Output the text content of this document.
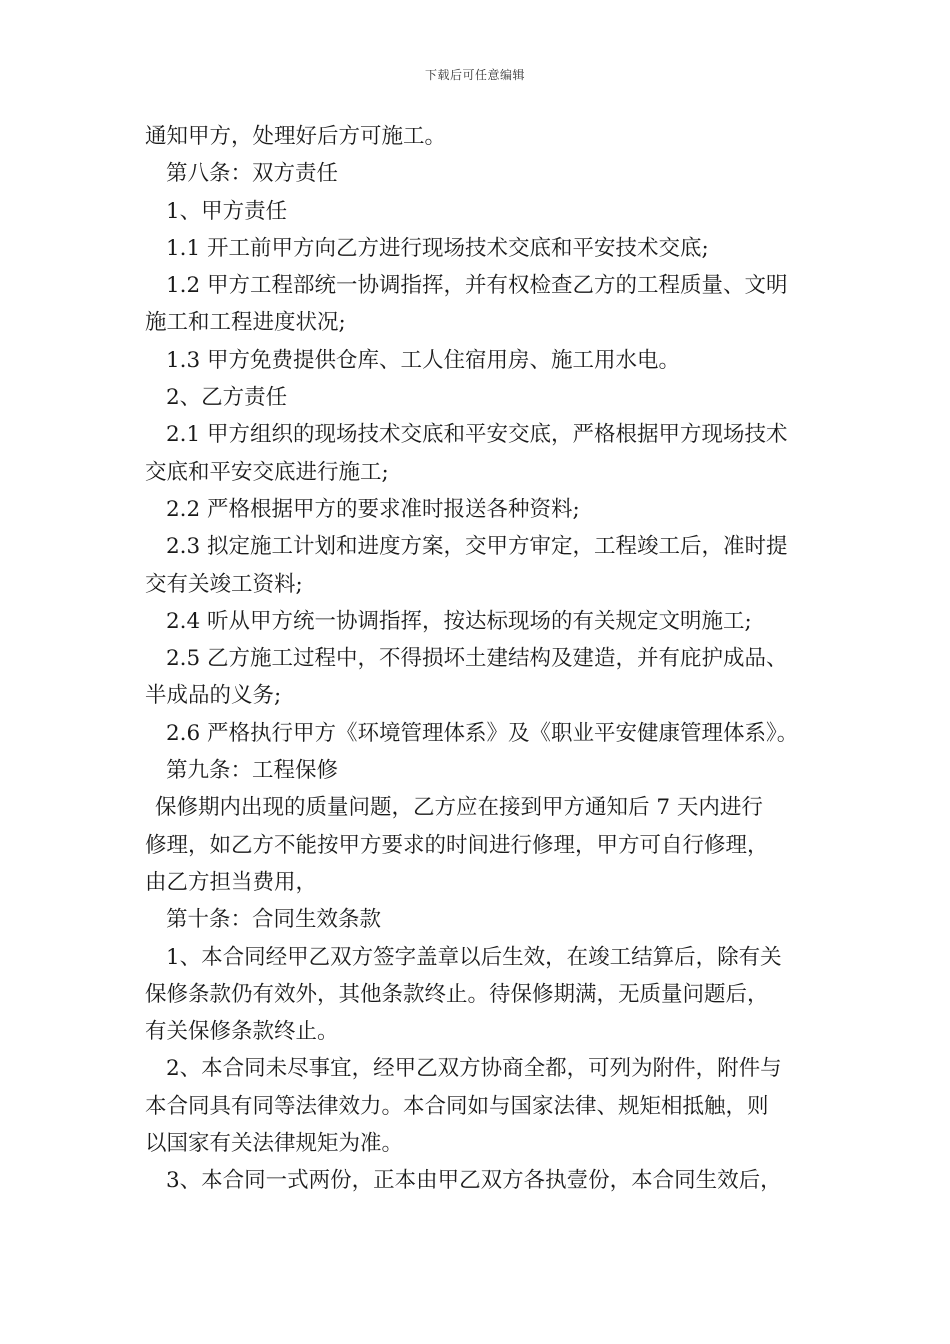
下载后可任意编辑
通知甲方，处理好后方可施工。
第八条：双方责任
1、甲方责任
1.1 开工前甲方向乙方进行现场技术交底和平安技术交底;
1.2 甲方工程部统一协调指挥，并有权检查乙方的工程质量、文明
施工和工程进度状况;
1.3 甲方免费提供仓库、工人住宿用房、施工用水电。
2、乙方责任
2.1 甲方组织的现场技术交底和平安交底，严格根据甲方现场技术
交底和平安交底进行施工;
2.2 严格根据甲方的要求准时报送各种资料;
2.3 拟定施工计划和进度方案，交甲方审定，工程竣工后，准时提
交有关竣工资料;
2.4 听从甲方统一协调指挥，按达标现场的有关规定文明施工;
2.5 乙方施工过程中，不得损坏土建结构及建造，并有庇护成品、
半成品的义务;
2.6 严格执行甲方《环境管理体系》及《职业平安健康管理体系》。
第九条：工程保修
保修期内出现的质量问题，乙方应在接到甲方通知后 7 天内进行
修理，如乙方不能按甲方要求的时间进行修理，甲方可自行修理，
由乙方担当费用，
第十条：合同生效条款
1、本合同经甲乙双方签字盖章以后生效，在竣工结算后，除有关
保修条款仍有效外，其他条款终止。待保修期满，无质量问题后，
有关保修条款终止。
2、本合同未尽事宜，经甲乙双方协商全都，可列为附件，附件与
本合同具有同等法律效力。本合同如与国家法律、规矩相抵触，则
以国家有关法律规矩为准。
3、本合同一式两份，正本由甲乙双方各执壹份，本合同生效后，
